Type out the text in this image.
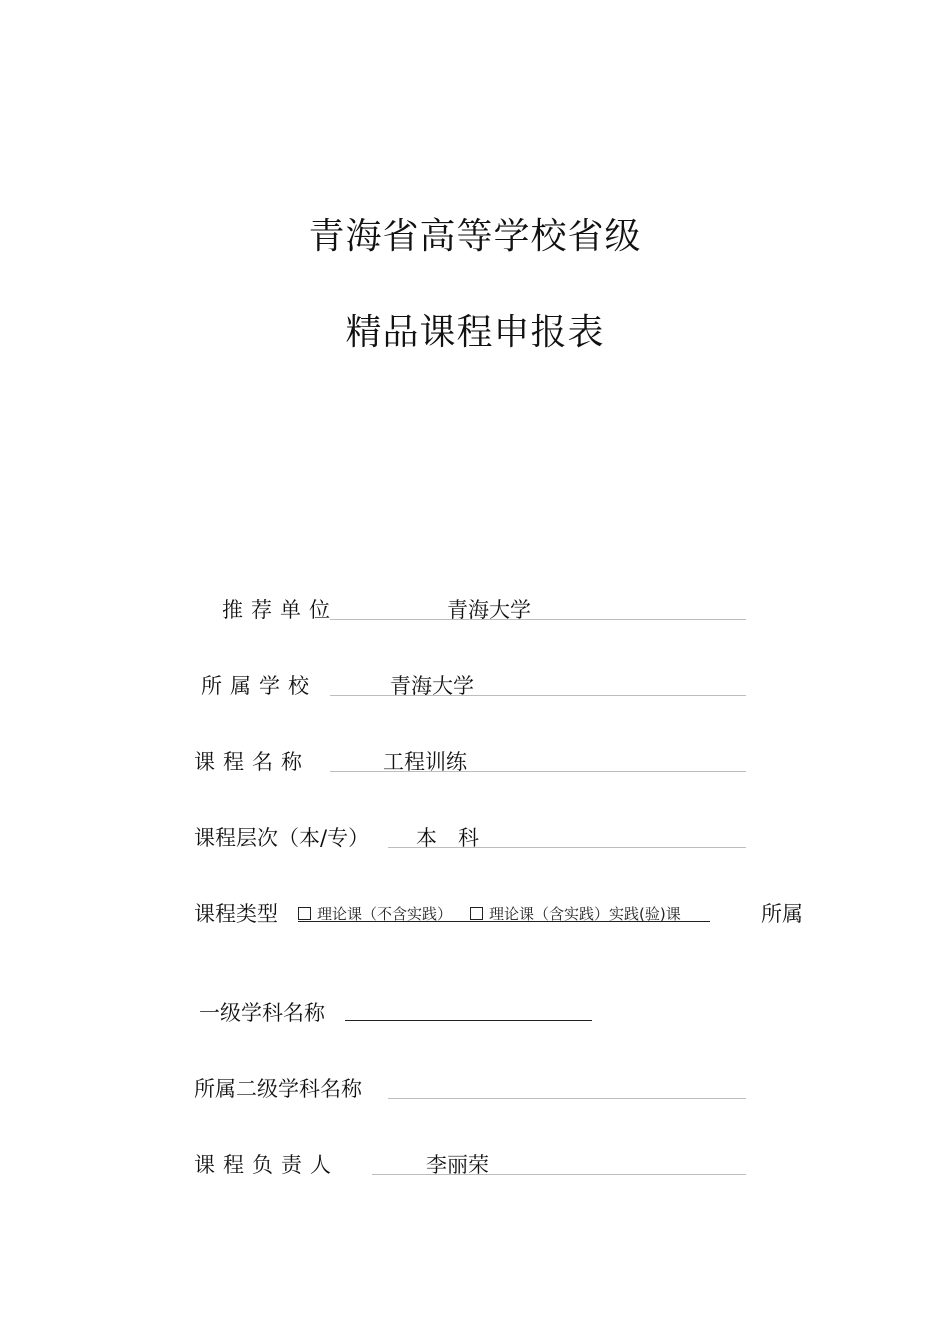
青海省高等学校省级
精品课程申报表
推荐单位	青海大学
所属学校	青海大学
课程名称	工程训练
课程层次（本/专） 本　科
课程类型	理论课（不含实践）	理论课（含实践）实践(验)课	所属
一级学科名称
所属二级学科名称
课程负责人	李丽荣
